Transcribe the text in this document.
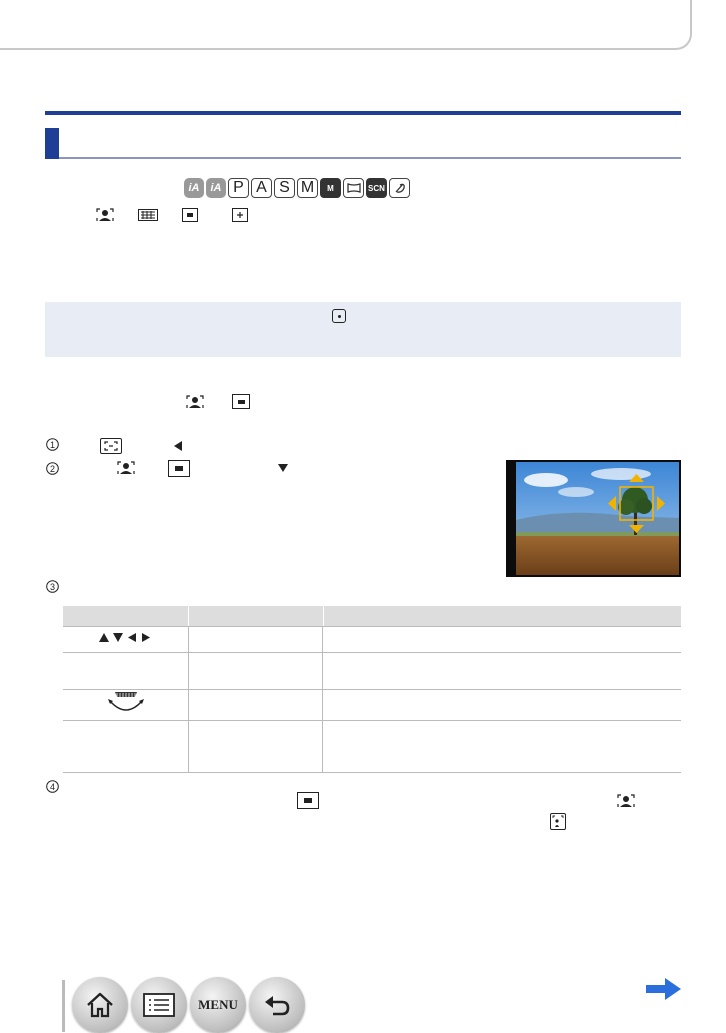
iA iA P A S M M	SCN
1
2
3

4
MENU
